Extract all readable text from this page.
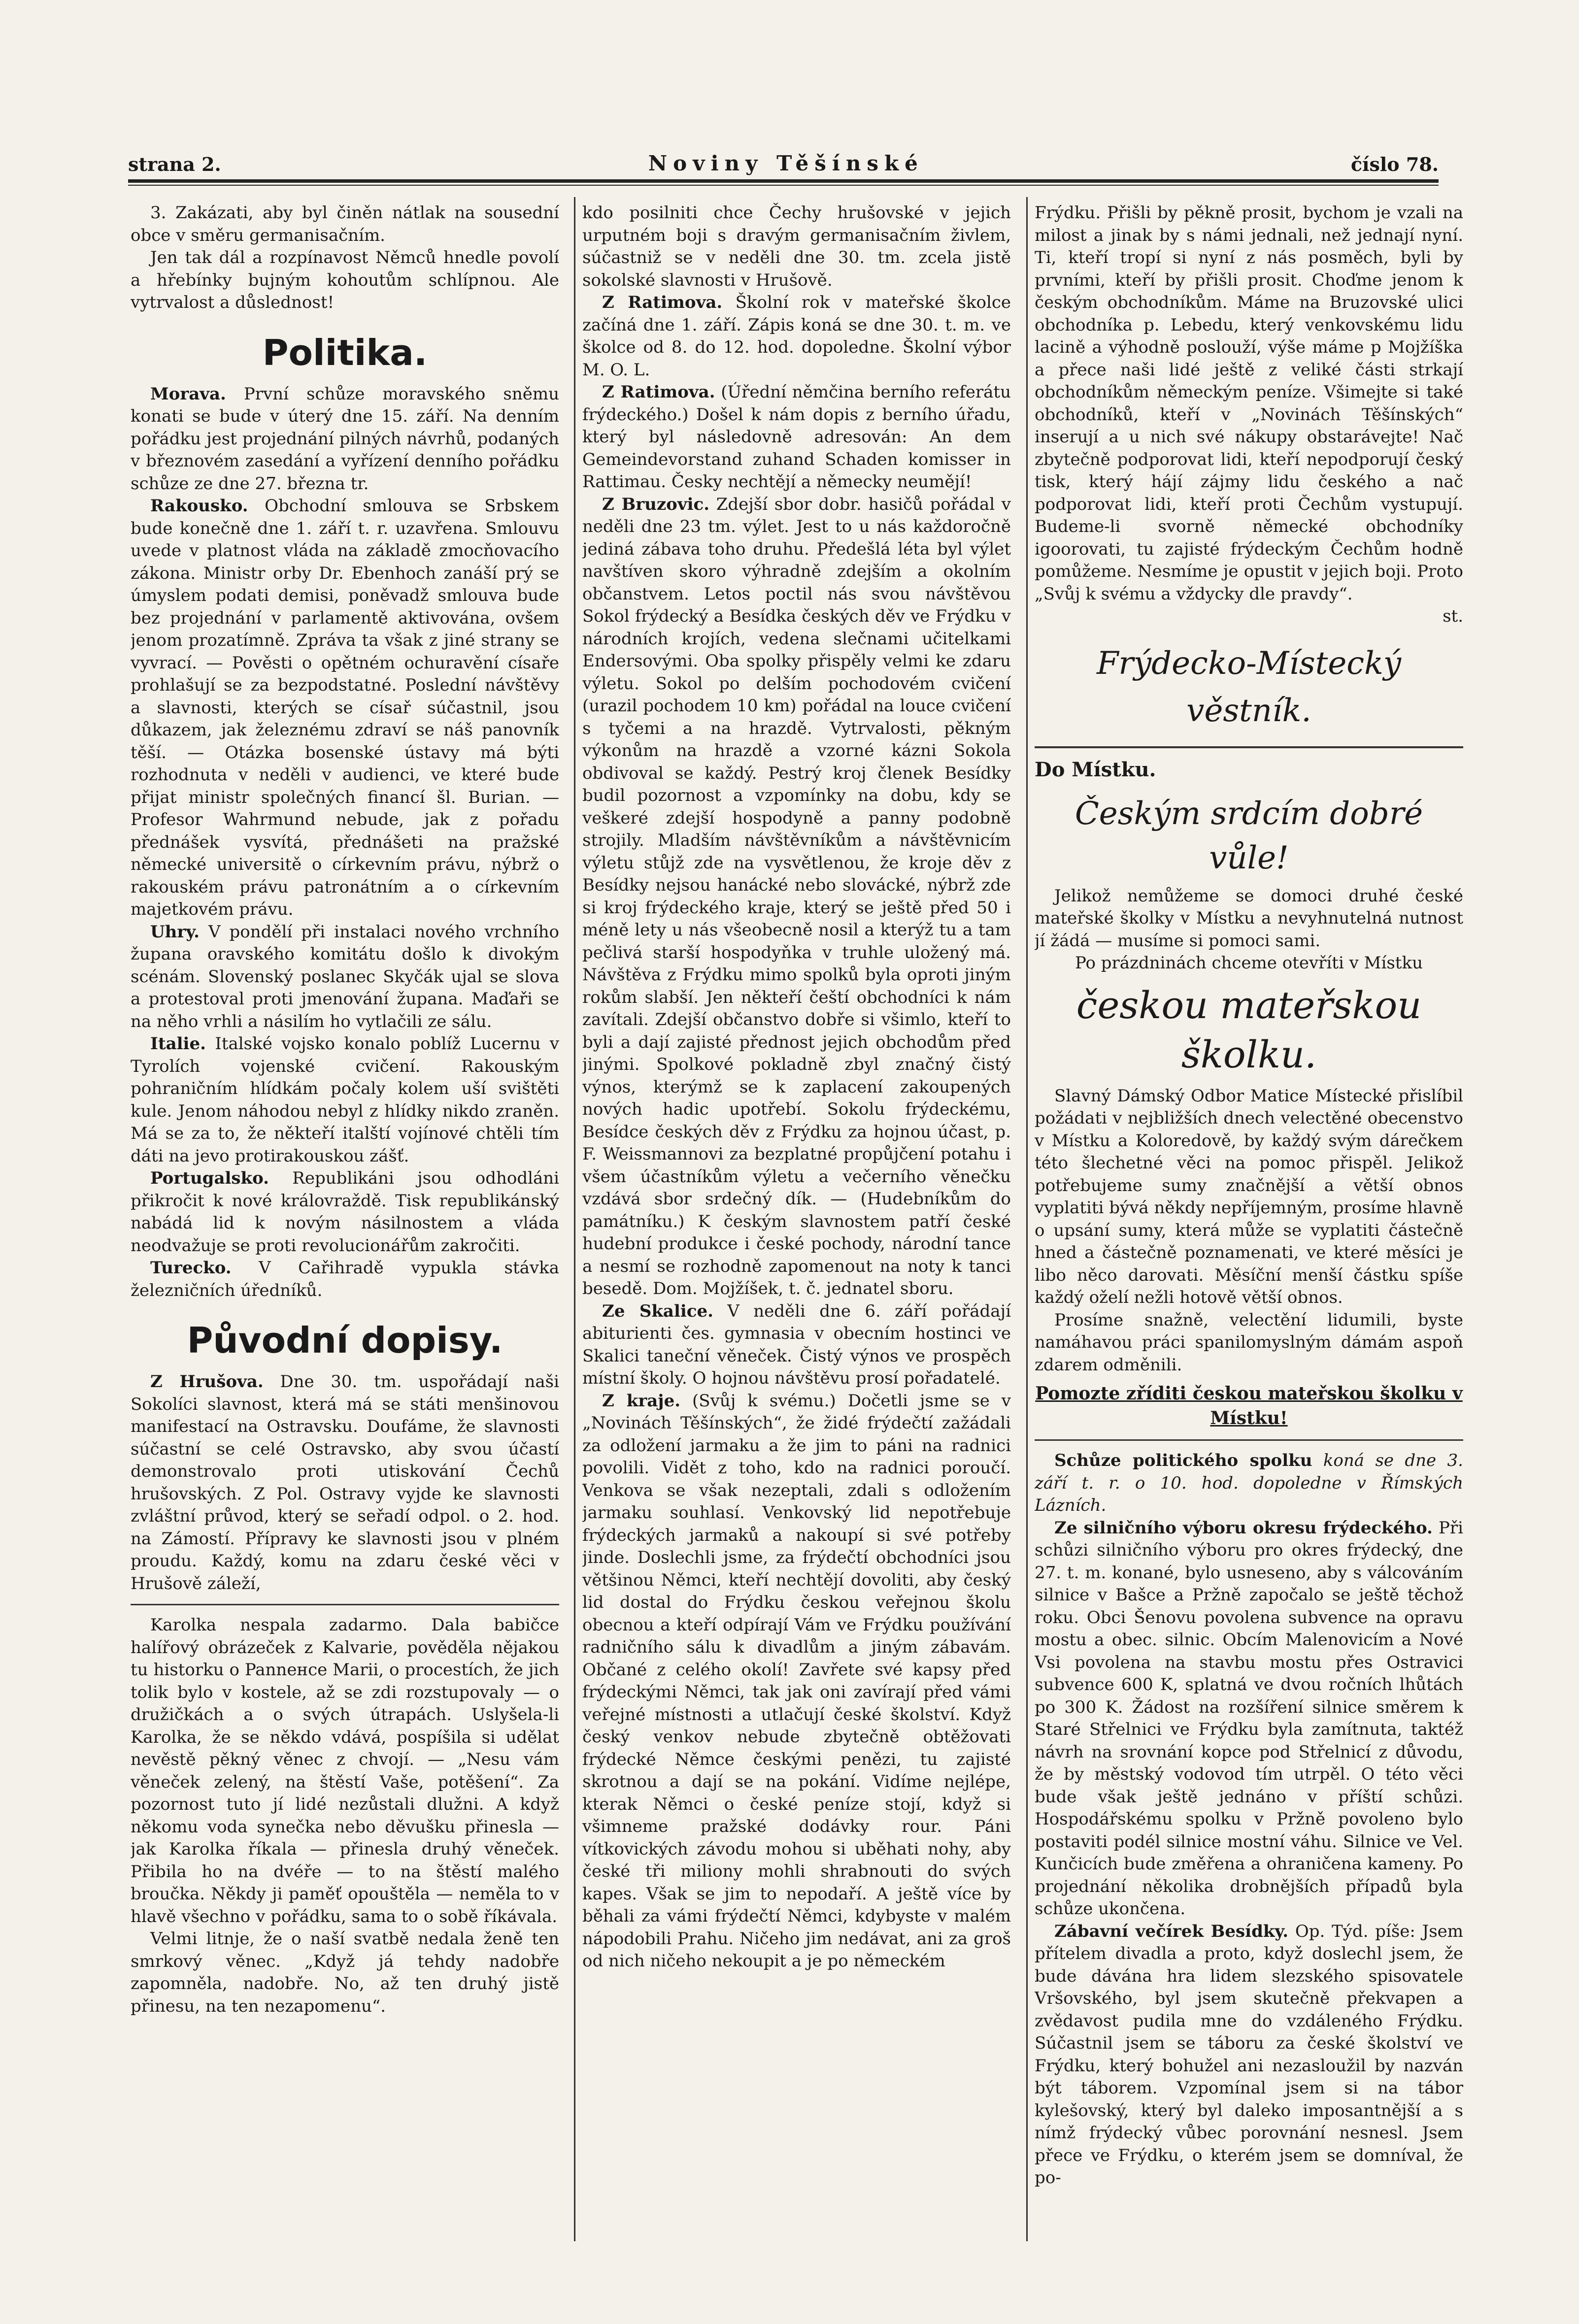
strana 2.	Noviny Těšínské	číslo 78.

3. Zakázati, aby byl činěn nátlak na sousední obce v směru germanisačním.

Jen tak dál a rozpínavost Němců hnedle povolí a hřebínky bujným kohoutům schlípnou. Ale vytrvalost a důslednost!

Politika.

Morava. První schůze moravského sněmu konati se bude v úterý dne 15. září. Na denním pořádku jest projednání pilných návrhů, podaných v březnovém zasedání a vyřízení denního pořádku schůze ze dne 27. března tr.

Rakousko. Obchodní smlouva se Srbskem bude konečně dne 1. září t. r. uzavřena. Smlouvu uvede v platnost vláda na základě zmocňovacího zákona. Ministr orby Dr. Ebenhoch zanáší prý se úmyslem podati demisi, poněvadž smlouva bude bez projednání v parlamentě aktivována, ovšem jenom prozatímně. Zpráva ta však z jiné strany se vyvrací. — Pověsti o opětném ochuravění císaře prohlašují se za bezpodstatné. Poslední návštěvy a slavnosti, kterých se císař súčastnil, jsou důkazem, jak železnému zdraví se náš panovník těší. — Otázka bosenské ústavy má býti rozhodnuta v neděli v audienci, ve které bude přijat ministr společných financí šl. Burian. — Profesor Wahrmund nebude, jak z pořadu přednášek vysvítá, přednášeti na pražské německé universitě o církevním právu, nýbrž o rakouském právu patronátním a o církevním majetkovém právu.

Uhry. V pondělí při instalaci nového vrchního župana oravského komitátu došlo k divokým scénám. Slovenský poslanec Skyčák ujal se slova a protestoval proti jmenování župana. Maďaři se na něho vrhli a násilím ho vytlačili ze sálu.

Italie. Italské vojsko konalo poblíž Lucernu v Tyrolích vojenské cvičení. Rakouským pohraničním hlídkám počaly kolem uší svištěti kule. Jenom náhodou nebyl z hlídky nikdo zraněn. Má se za to, že někteří italští vojínové chtěli tím dáti na jevo protirakouskou zášť.

Portugalsko. Republikáni jsou odhodláni přikročit k nové královraždě. Tisk republikánský nabádá lid k novým násilnostem a vláda neodvažuje se proti revolucionářům zakročiti.

Turecko. V Cařihradě vypukla stávka železničních úředníků.

Původní dopisy.

Z Hrušova. Dne 30. tm. uspořádají naši Sokolíci slavnost, která má se státi menšinovou manifestací na Ostravsku. Doufáme, že slavnosti súčastní se celé Ostravsko, aby svou účastí demonstrovalo proti utiskování Čechů hrušovských. Z Pol. Ostravy vyjde ke slavnosti zvláštní průvod, který se seřadí odpol. o 2. hod. na Zámostí. Přípravy ke slavnosti jsou v plném proudu. Každý, komu na zdaru české věci v Hrušově záleží,

Karolka nespala zadarmo. Dala babičce halířový obrázeček z Kalvarie, pověděla nějakou tu historku o Panneнce Marii, o procestích, že jich tolik bylo v kostele, až se zdi rozstupovaly — o družičkách a o svých útrapách. Uslyšela-li Karolka, že se někdo vdává, pospíšila si udělat nevěstě pěkný věnec z chvojí. — „Nesu vám věneček zelený, na štěstí Vaše, potěšení“. Za pozornost tuto jí lidé nezůstali dlužni. A když někomu voda synečka nebo děvušku přinesla — jak Karolka říkala — přinesla druhý věneček. Přibila ho na dvéře — to na štěstí malého broučka. Někdy ji paměť opouštěla — neměla to v hlavě všechno v pořádku, sama to o sobě říkávala.

Velmi litnje, že o naší svatbě nedala ženě ten smrkový věnec. „Když já tehdy nadobře zapomněla, nadobře. No, až ten druhý jistě přinesu, na ten nezapomenu“.

kdo posilniti chce Čechy hrušovské v jejich urputném boji s dravým germanisačním živlem, súčastniž se v neděli dne 30. tm. zcela jistě sokolské slavnosti v Hrušově.

Z Ratimova. Školní rok v mateřské školce začíná dne 1. září. Zápis koná se dne 30. t. m. ve školce od 8. do 12. hod. dopoledne. Školní výbor M. O. L.

Z Ratimova. (Úřední němčina berního referátu frýdeckého.) Došel k nám dopis z berního úřadu, který byl následovně adresován: An dem Gemeindevorstand zuhand Schaden komisser in Rattimau. Česky nechtějí a německy neumějí!

Z Bruzovic. Zdejší sbor dobr. hasičů pořádal v neděli dne 23 tm. výlet. Jest to u nás každoročně jediná zábava toho druhu. Předešlá léta byl výlet navštíven skoro výhradně zdejším a okolním občanstvem. Letos poctil nás svou návštěvou Sokol frýdecký a Besídka českých děv ve Frýdku v národních krojích, vedena slečnami učitelkami Endersovými. Oba spolky přispěly velmi ke zdaru výletu. Sokol po delším pochodovém cvičení (urazil pochodem 10 km) pořádal na louce cvičení s tyčemi a na hrazdě. Vytrvalosti, pěkným výkonům na hrazdě a vzorné kázni Sokola obdivoval se každý. Pestrý kroj členek Besídky budil pozornost a vzpomínky na dobu, kdy se veškeré zdejší hospodyně a panny podobně strojily. Mladším návštěvníkům a návštěvnicím výletu stůjž zde na vysvětlenou, že kroje děv z Besídky nejsou hanácké nebo slovácké, nýbrž zde si kroj frýdeckého kraje, který se ještě před 50 i méně lety u nás všeobecně nosil a kterýž tu a tam pečlivá starší hospodyňka v truhle uložený má. Návštěva z Frýdku mimo spolků byla oproti jiným rokům slabší. Jen někteří čeští obchodníci k nám zavítali. Zdejší občanstvo dobře si všimlo, kteří to byli a dají zajisté přednost jejich obchodům před jinými. Spolkové pokladně zbyl značný čistý výnos, kterýmž se k zaplacení zakoupených nových hadic upotřebí. Sokolu frýdeckému, Besídce českých děv z Frýdku za hojnou účast, p. F. Weissmannovi za bezplatné propůjčení potahu i všem účastníkům výletu a večerního věnečku vzdává sbor srdečný dík. — (Hudebníkům do památníku.) K českým slavnostem patří české hudební produkce i české pochody, národní tance a nesmí se rozhodně zapomenout na noty k tanci besedě. Dom. Mojžíšek, t. č. jednatel sboru.

Ze Skalice. V neděli dne 6. září pořádají abiturienti čes. gymnasia v obecním hostinci ve Skalici taneční věneček. Čistý výnos ve prospěch místní školy. O hojnou návštěvu prosí pořadatelé.

Z kraje. (Svůj k svému.) Dočetli jsme se v „Novinách Těšínských“, že židé frýdečtí zažádali za odložení jarmaku a že jim to páni na radnici povolili. Vidět z toho, kdo na radnici poroučí. Venkova se však nezeptali, zdali s odložením jarmaku souhlasí. Venkovský lid nepotřebuje frýdeckých jarmaků a nakoupí si své potřeby jinde. Doslechli jsme, za frýdečtí obchodníci jsou většinou Němci, kteří nechtějí dovoliti, aby český lid dostal do Frýdku českou veřejnou školu obecnou a kteří odpírají Vám ve Frýdku používání radničního sálu k divadlům a jiným zábavám. Občané z celého okolí! Zavřete své kapsy před frýdeckými Němci, tak jak oni zavírají před vámi veřejné místnosti a utlačují české školství. Když český venkov nebude zbytečně obtěžovati frýdecké Němce českými penězi, tu zajisté skrotnou a dají se na pokání. Vidíme nejlépe, kterak Němci o české peníze stojí, když si všimneme pražské dodávky rour. Páni vítkovických závodu mohou si uběhati nohy, aby české tři miliony mohli shrabnouti do svých kapes. Však se jim to nepodaří. A ještě více by běhali za vámi frýdečtí Němci, kdybyste v malém nápodobili Prahu. Ničeho jim nedávat, ani za groš od nich ničeho nekoupit a je po německém

Frýdku. Přišli by pěkně prosit, bychom je vzali na milost a jinak by s námi jednali, než jednají nyní. Ti, kteří tropí si nyní z nás posměch, byli by prvními, kteří by přišli prosit. Choďme jenom k českým obchodníkům. Máme na Bruzovské ulici obchodníka p. Lebedu, který venkovskému lidu lacině a výhodně poslouží, výše máme p Mojžíška a přece naši lidé ještě z veliké části strkají obchodníkům německým peníze. Všimejte si také obchodníků, kteří v „Novinách Těšínských“ inserují a u nich své nákupy obstarávejte! Nač zbytečně podporovat lidi, kteří nepodporují český tisk, který hájí zájmy lidu českého a nač podporovat lidi, kteří proti Čechům vystupují. Budeme-li svorně německé obchodníky igoorovati, tu zajisté frýdeckým Čechům hodně pomůžeme. Nesmíme je opustit v jejich boji. Proto „Svůj k svému a vždycky dle pravdy“.

st.

Frýdecko-Místecký věstník.
Do Místku.
Českým srdcím dobré vůle!

Jelikož nemůžeme se domoci druhé české mateřské školky v Místku a nevyhnutelná nutnost jí žádá — musíme si pomoci sami.

Po prázdninách chceme otevříti v Místku

českou mateřskou školku.

Slavný Dámský Odbor Matice Místecké přislíbil požádati v nejbližších dnech velectěné obecenstvo v Místku a Koloredově, by každý svým dárečkem této šlechetné věci na pomoc přispěl. Jelikož potřebujeme sumy značnější a větší obnos vyplatiti bývá někdy nepříjemným, prosíme hlavně o upsání sumy, která může se vyplatiti částečně hned a částečně poznamenati, ve které měsíci je libo něco darovati. Měsíční menší částku spíše každý oželí nežli hotově větší obnos.

Prosíme snažně, velectění lidumili, byste namáhavou práci spanilomyslným dámám aspoň zdarem odměnili.

Pomozte zříditi českou mateřskou školku v Místku!

Schůze politického spolku koná se dne 3. září t. r. o 10. hod. dopoledne v Římských Lázních.

Ze silničního výboru okresu frýdeckého. Při schůzi silničního výboru pro okres frýdecký, dne 27. t. m. konané, bylo usneseno, aby s válcováním silnice v Bašce a Pržně započalo se ještě těchož roku. Obci Šenovu povolena subvence na opravu mostu a obec. silnic. Obcím Malenovicím a Nové Vsi povolena na stavbu mostu přes Ostravici subvence 600 K, splatná ve dvou ročních lhůtách po 300 K. Žádost na rozšíření silnice směrem k Staré Střelnici ve Frýdku byla zamítnuta, taktéž návrh na srovnání kopce pod Střelnicí z důvodu, že by městský vodovod tím utrpěl. O této věci bude však ještě jednáno v příští schůzi. Hospodářskému spolku v Pržně povoleno bylo postaviti podél silnice mostní váhu. Silnice ve Vel. Kunčicích bude změřena a ohraničena kameny. Po projednání několika drobnějších případů byla schůze ukončena.

Zábavní večírek Besídky. Op. Týd. píše: Jsem přítelem divadla a proto, když doslechl jsem, že bude dávána hra lidem slezského spisovatele Vršovského, byl jsem skutečně překvapen a zvědavost pudila mne do vzdáleného Frýdku. Súčastnil jsem se táboru za české školství ve Frýdku, který bohužel ani nezasloužil by nazván být táborem. Vzpomínal jsem si na tábor kylešovský, který byl daleko imposantnější a s nímž frýdecký vůbec porovnání nesnesl. Jsem přece ve Frýdku, o kterém jsem se domníval, že po-
